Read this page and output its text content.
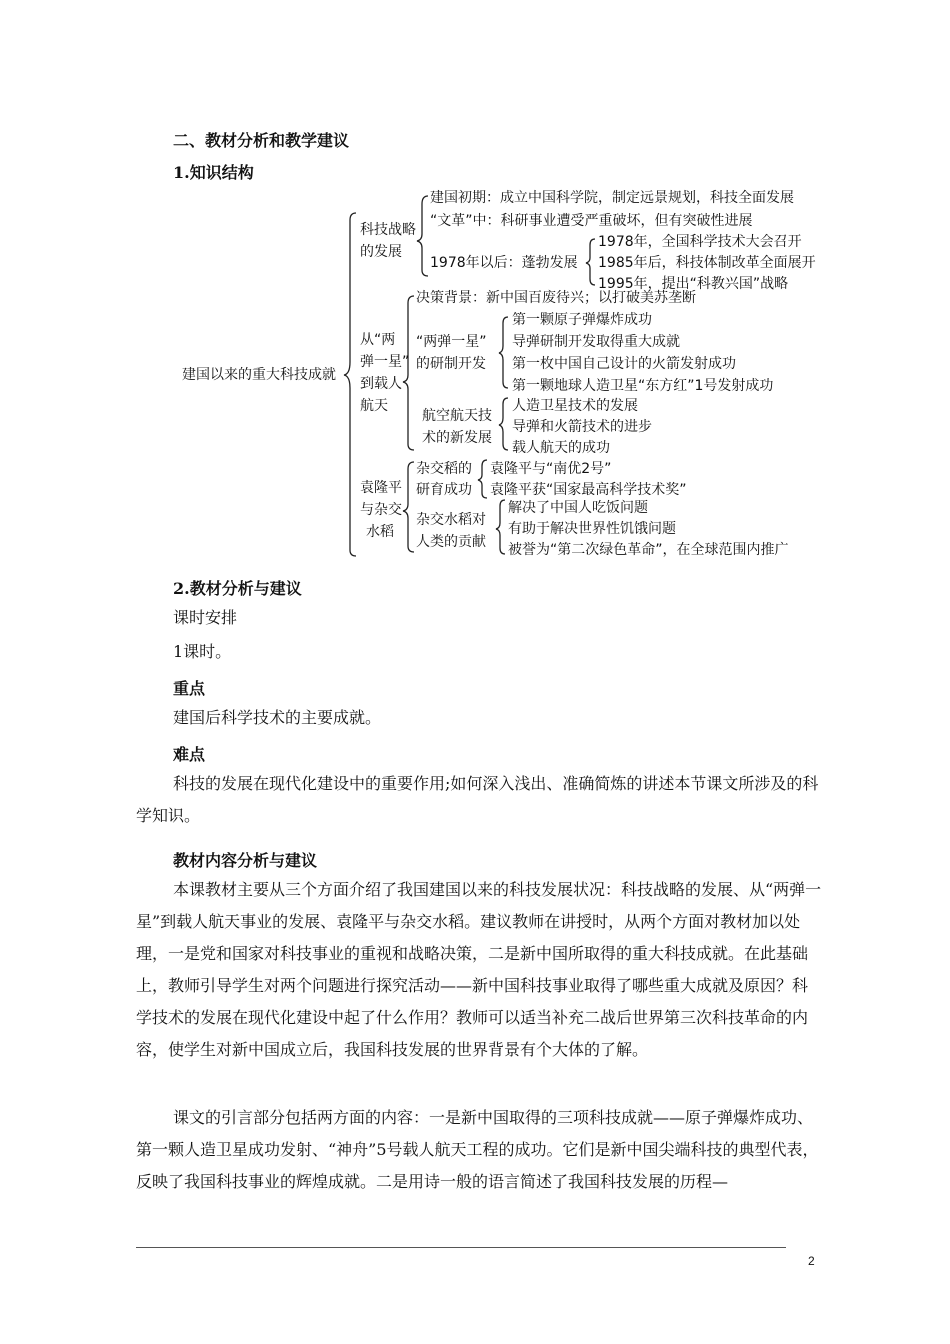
二、教材分析和教学建议
1.知识结构
建国以来的重大科技成就
科技战略
的发展
建国初期：成立中国科学院，制定远景规划，科技全面发展
“文革”中：科研事业遭受严重破坏，但有突破性进展
1978年以后：蓬勃发展
1978年，全国科学技术大会召开
1985年后，科技体制改革全面展开
1995年，提出“科教兴国”战略
从“两
弹一星”
到载人
航天
决策背景：新中国百废待兴；以打破美苏垄断
“两弹一星”
的研制开发
第一颗原子弹爆炸成功
导弹研制开发取得重大成就
第一枚中国自己设计的火箭发射成功
第一颗地球人造卫星“东方红”1号发射成功
航空航天技
术的新发展
人造卫星技术的发展
导弹和火箭技术的进步
载人航天的成功
袁隆平
与杂交
水稻
杂交稻的
研育成功
袁隆平与“南优2号”
袁隆平获“国家最高科学技术奖”
杂交水稻对
人类的贡献
解决了中国人吃饭问题
有助于解决世界性饥饿问题
被誉为“第二次绿色革命”，在全球范围内推广
2.教材分析与建议
课时安排
1课时。
重点
建国后科学技术的主要成就。
难点
科技的发展在现代化建设中的重要作用;如何深入浅出、准确简炼的讲述本节课文所涉及的科学知识。
教材内容分析与建议
本课教材主要从三个方面介绍了我国建国以来的科技发展状况：科技战略的发展、从“两弹一星”到载人航天事业的发展、袁隆平与杂交水稻。建议教师在讲授时，从两个方面对教材加以处理，一是党和国家对科技事业的重视和战略决策，二是新中国所取得的重大科技成就。在此基础上，教师引导学生对两个问题进行探究活动——新中国科技事业取得了哪些重大成就及原因？科学技术的发展在现代化建设中起了什么作用？教师可以适当补充二战后世界第三次科技革命的内容，使学生对新中国成立后，我国科技发展的世界背景有个大体的了解。
课文的引言部分包括两方面的内容：一是新中国取得的三项科技成就——原子弹爆炸成功、第一颗人造卫星成功发射、“神舟”5号载人航天工程的成功。它们是新中国尖端科技的典型代表，反映了我国科技事业的辉煌成就。二是用诗一般的语言简述了我国科技发展的历程—
2
